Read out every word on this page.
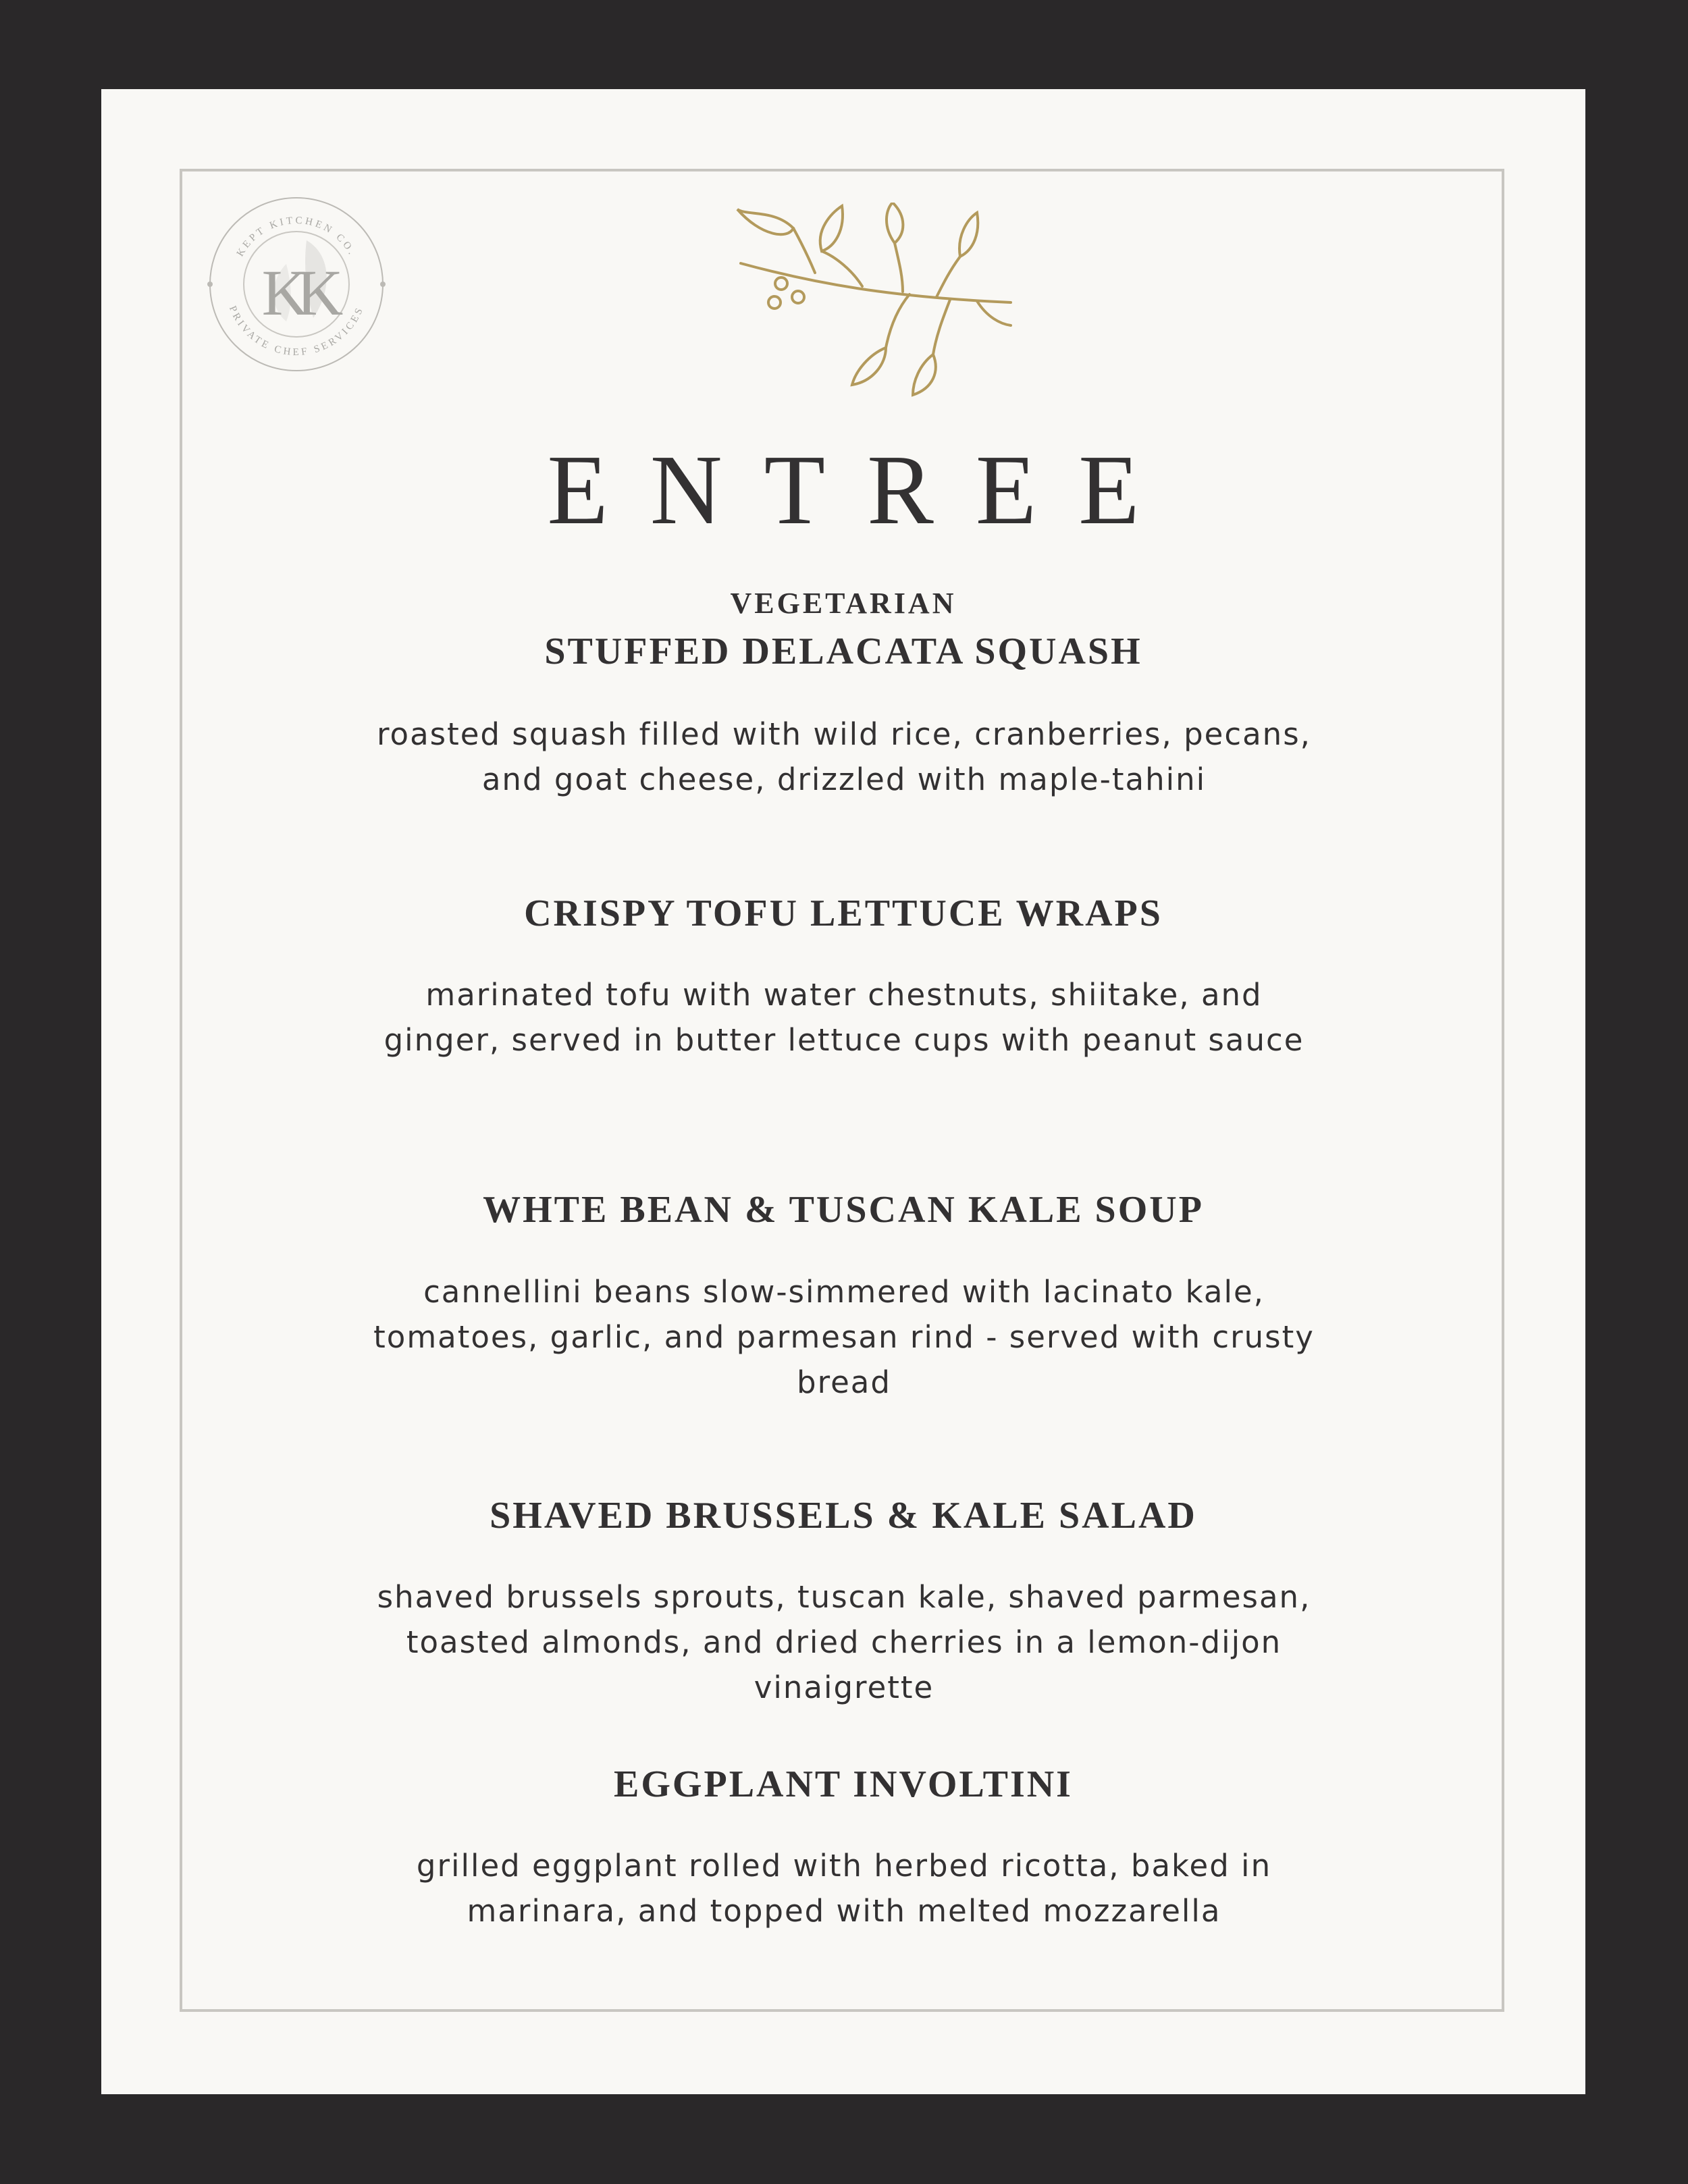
KEPT KITCHEN CO.
PRIVATE CHEF SERVICES
KK
ENTREE
VEGETARIAN
STUFFED DELACATA SQUASH
roasted squash filled with wild rice, cranberries, pecans, and goat cheese, drizzled with maple-tahini
CRISPY TOFU LETTUCE WRAPS
marinated tofu with water chestnuts, shiitake, and ginger, served in butter lettuce cups with peanut sauce
WHTE BEAN & TUSCAN KALE SOUP
cannellini beans slow-simmered with lacinato kale, tomatoes, garlic, and parmesan rind - served with crusty bread
SHAVED BRUSSELS & KALE SALAD
shaved brussels sprouts, tuscan kale, shaved parmesan, toasted almonds, and dried cherries in a lemon-dijon vinaigrette
EGGPLANT INVOLTINI
grilled eggplant rolled with herbed ricotta, baked in marinara, and topped with melted mozzarella
